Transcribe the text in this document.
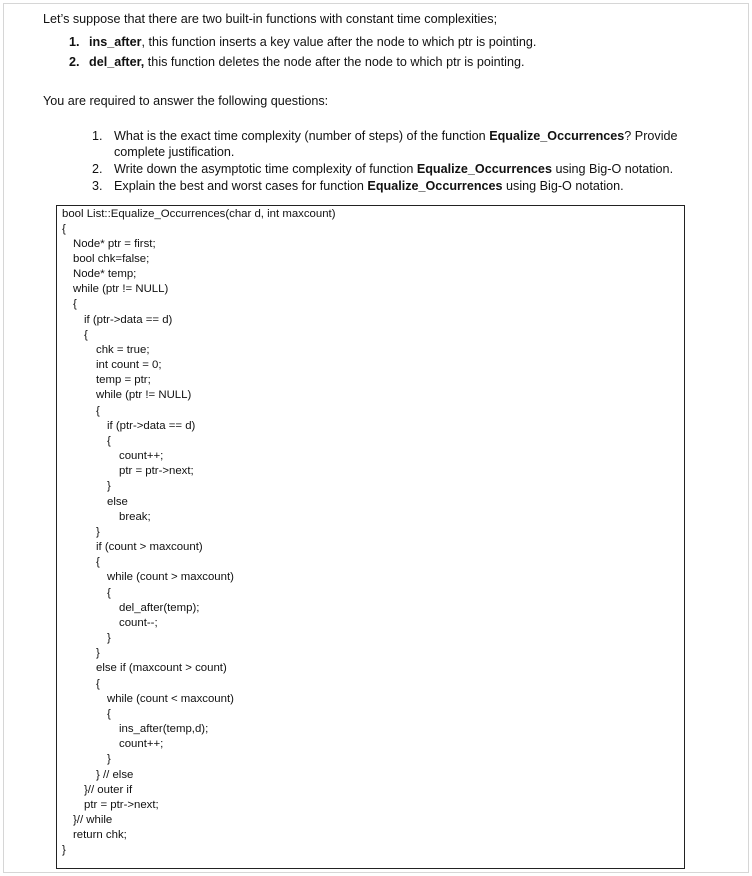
Let’s suppose that there are two built-in functions with constant time complexities;
1. ins_after, this function inserts a key value after the node to which ptr is pointing.
2. del_after, this function deletes the node after the node to which ptr is pointing.
You are required to answer the following questions:
1. What is the exact time complexity (number of steps) of the function Equalize_Occurrences? Provide complete justification.
2. Write down the asymptotic time complexity of function Equalize_Occurrences using Big-O notation.
3. Explain the best and worst cases for function Equalize_Occurrences using Big-O notation.
bool List::Equalize_Occurrences(char d, int maxcount)
{
Node* ptr = first;
bool chk=false;
Node* temp;
while (ptr != NULL)
{
if (ptr->data == d)
{
chk = true;
int count = 0;
temp = ptr;
while (ptr != NULL)
{
if (ptr->data == d)
{
count++;
ptr = ptr->next;
}
else
break;
}
if (count > maxcount)
{
while (count > maxcount)
{
del_after(temp);
count--;
}
}
else if (maxcount > count)
{
while (count < maxcount)
{
ins_after(temp,d);
count++;
}
} // else
}// outer if
ptr = ptr->next;
}// while
return chk;
}
